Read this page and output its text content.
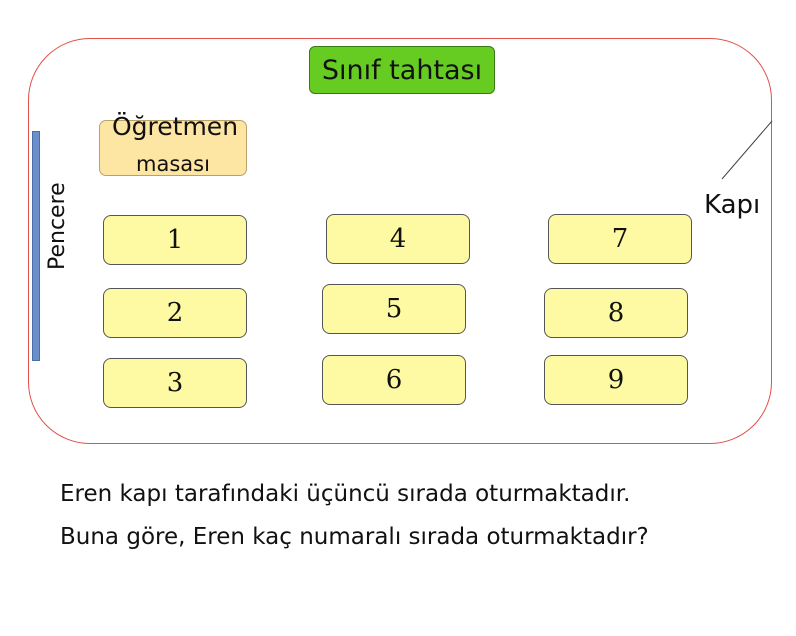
Sınıf tahtası
Öğretmen
masası
Pencere	Kapı
1
2
3
4
5
6
7
8
9
Eren kapı tarafındaki üçüncü sırada oturmaktadır.
Buna göre, Eren kaç numaralı sırada oturmaktadır?
